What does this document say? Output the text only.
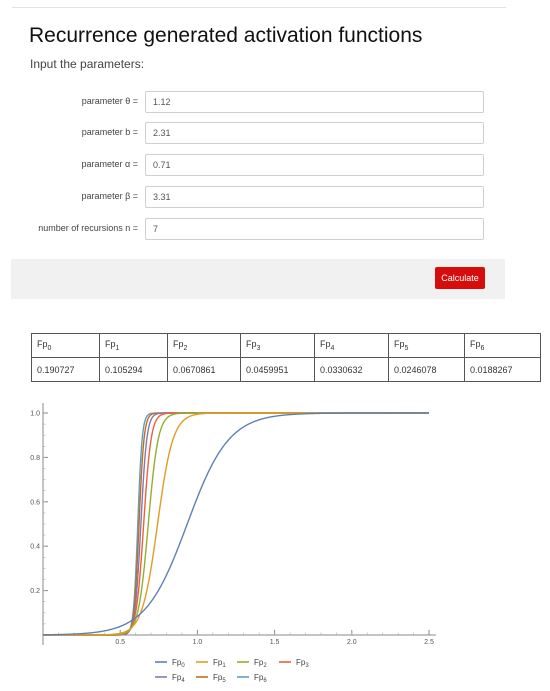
Recurrence generated activation functions
Input the parameters:
parameter θ = 1.12
parameter b = 2.31
parameter α = 0.71
parameter β = 3.31
number of recursions n = 7
Calculate
$Fp_0$	$Fp_1$	$Fp_2$	$Fp_3$	$Fp_4$	$Fp_5$	$Fp_6$
0.190727	0.105294	0.0670861	0.0459951	0.0330632	0.0246078	0.0188267
0.5	1.0	1.5	2.0	2.5
1.0
0.8
0.6
0.4
0.2
$Fp_0$	$Fp_1$	$Fp_2$	$Fp_3$
$Fp_4$	$Fp_5$	$Fp_6$
